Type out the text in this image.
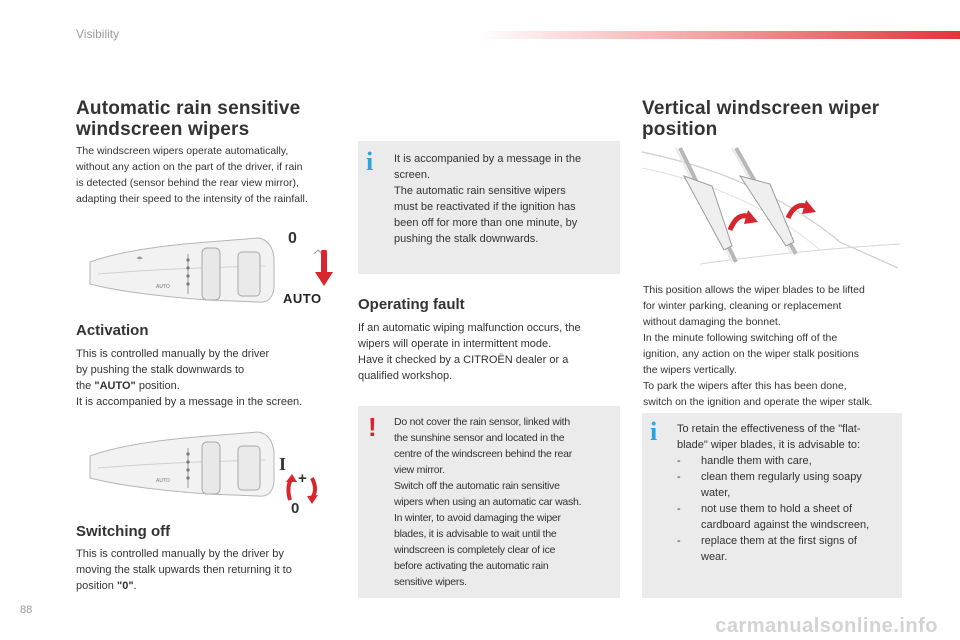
Visibility
Automatic rain sensitive
windscreen wipers
The windscreen wipers operate automatically,
without any action on the part of the driver, if rain
is detected (sensor behind the rear view mirror),
adapting their speed to the intensity of the rainfall.
AUTO
☂
0
AUTO
Activation
This is controlled manually by the driver
by pushing the stalk downwards to
the "AUTO" position.
It is accompanied by a message in the screen.
AUTO
I
0
+
Switching off
This is controlled manually by the driver by
moving the stalk upwards then returning it to
position "0".
i It is accompanied by a message in the
screen.
The automatic rain sensitive wipers
must be reactivated if the ignition has
been off for more than one minute, by
pushing the stalk downwards.
Operating fault
If an automatic wiping malfunction occurs, the
wipers will operate in intermittent mode.
Have it checked by a CITROËN dealer or a
qualified workshop.
! Do not cover the rain sensor, linked with
the sunshine sensor and located in the
centre of the windscreen behind the rear
view mirror.
Switch off the automatic rain sensitive
wipers when using an automatic car wash.
In winter, to avoid damaging the wiper
blades, it is advisable to wait until the
windscreen is completely clear of ice
before activating the automatic rain
sensitive wipers.
Vertical windscreen wiper
position
This position allows the wiper blades to be lifted
for winter parking, cleaning or replacement
without damaging the bonnet.
In the minute following switching off of the
ignition, any action on the wiper stalk positions
the wipers vertically.
To park the wipers after this has been done,
switch on the ignition and operate the wiper stalk.
i To retain the effectiveness of the "flat-
blade" wiper blades, it is advisable to:
-	handle them with care,
-	clean them regularly using soapy
water,
-	not use them to hold a sheet of
cardboard against the windscreen,
-	replace them at the first signs of
wear.
88
carmanualsonline.info
